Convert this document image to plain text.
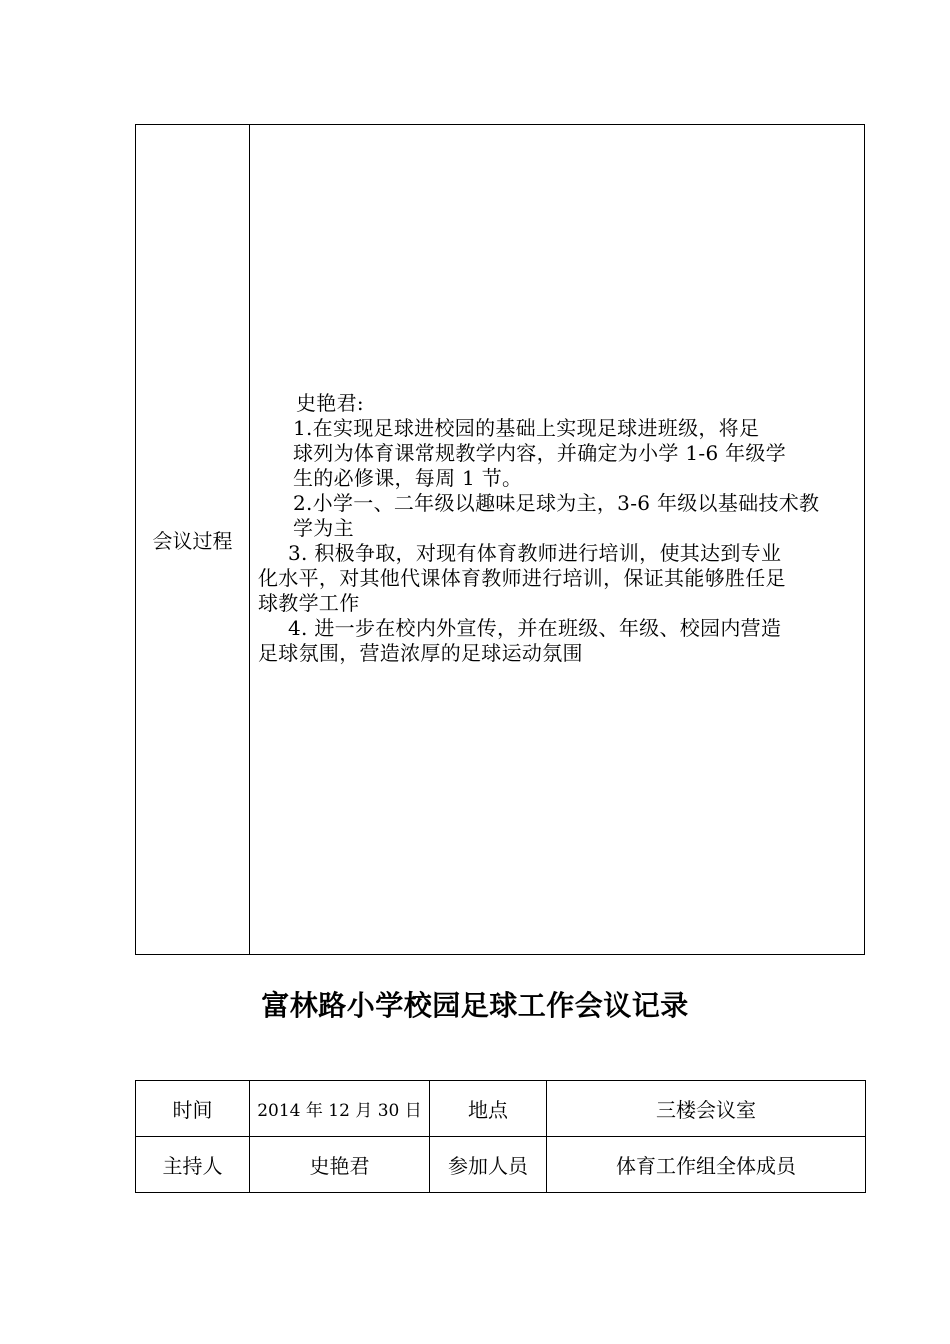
会议过程
史艳君:
1.在实现足球进校园的基础上实现足球进班级，将足
球列为体育课常规教学内容，并确定为小学 1-6 年级学
生的必修课，每周 1 节。
2.小学一、二年级以趣味足球为主，3-6 年级以基础技术教
学为主
3. 积极争取，对现有体育教师进行培训，使其达到专业
化水平，对其他代课体育教师进行培训，保证其能够胜任足
球教学工作
4. 进一步在校内外宣传，并在班级、年级、校园内营造
足球氛围，营造浓厚的足球运动氛围
富林路小学校园足球工作会议记录
时间	2014 年 12 月 30 日	地点	三楼会议室
主持人	史艳君	参加人员	体育工作组全体成员
